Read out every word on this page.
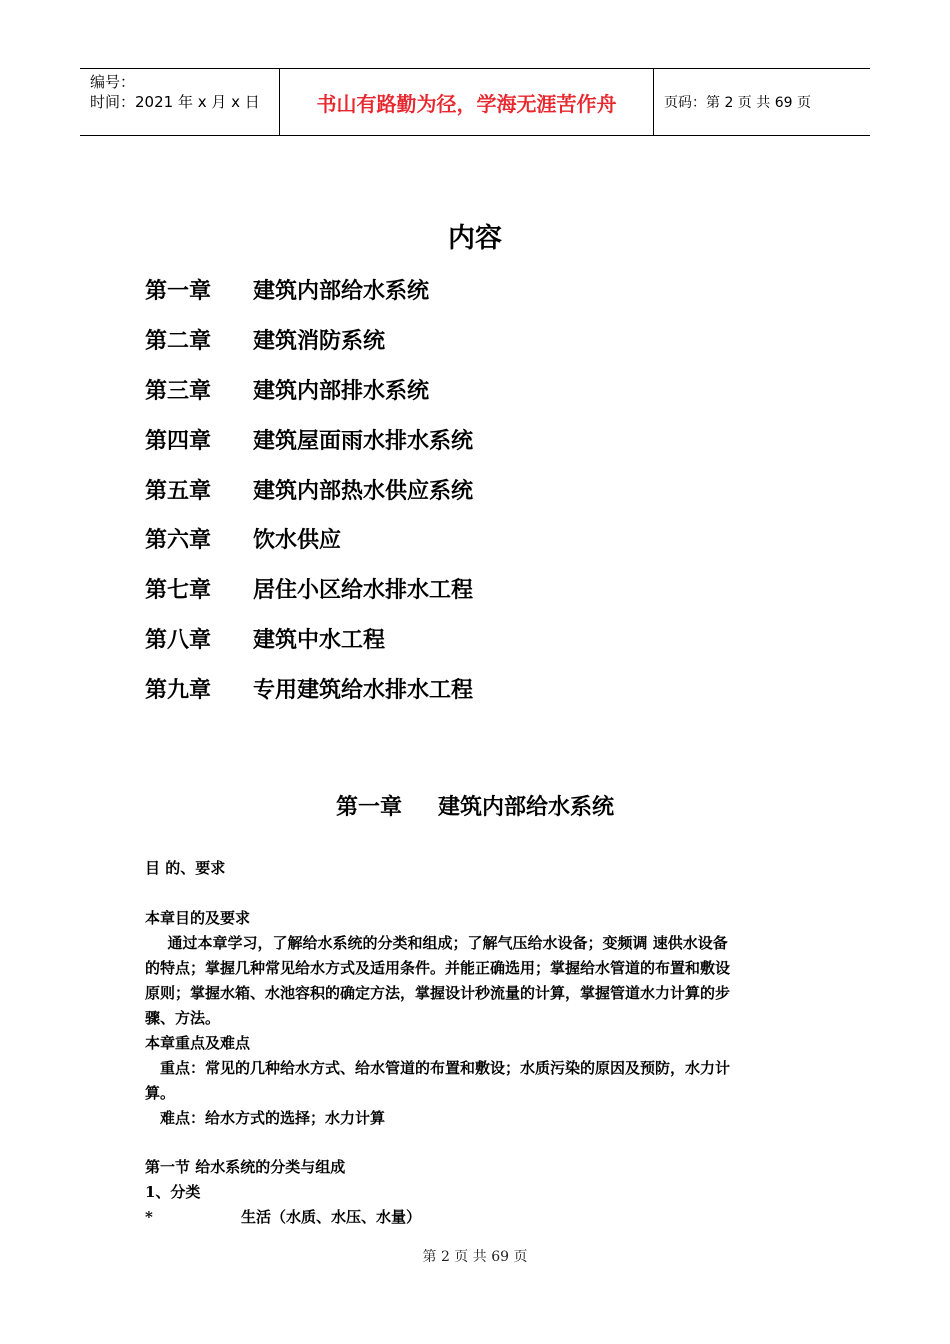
编号：
时间：2021 年 x 月 x 日	书山有路勤为径，学海无涯苦作舟	页码：第 2 页 共 69 页
内容
第一章	建筑内部给水系统
第二章	建筑消防系统
第三章	建筑内部排水系统
第四章	建筑屋面雨水排水系统
第五章	建筑内部热水供应系统
第六章	饮水供应
第七章	居住小区给水排水工程
第八章	建筑中水工程
第九章	专用建筑给水排水工程
第一章 建筑内部给水系统
目 的、要求

本章目的及要求

通过本章学习，了解给水系统的分类和组成；了解气压给水设备；变频调 速供水设备

的特点；掌握几种常见给水方式及适用条件。并能正确选用；掌握给水管道的布置和敷设

原则；掌握水箱、水池容积的确定方法，掌握设计秒流量的计算，掌握管道水力计算的步

骤、方法。

本章重点及难点

重点：常见的几种给水方式、给水管道的布置和敷设；水质污染的原因及预防，水力计

算。

难点：给水方式的选择；水力计算

第一节 给水系统的分类与组成

1、分类

*	生活（水质、水压、水量）
第 2 页 共 69 页
